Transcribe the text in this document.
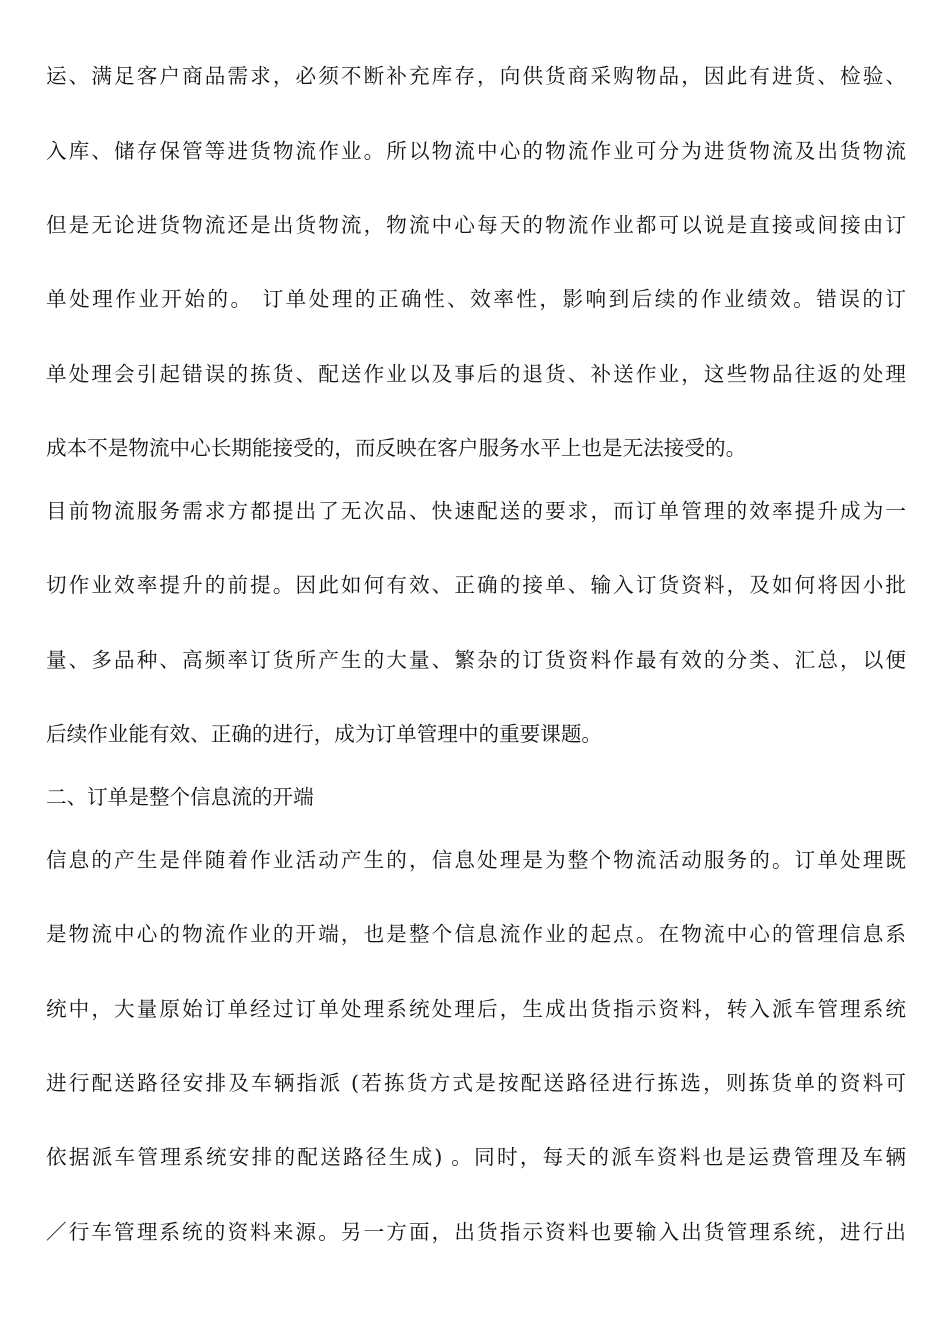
运、满足客户商品需求，必须不断补充库存，向供货商采购物品，因此有进货、检验、
入库、储存保管等进货物流作业。所以物流中心的物流作业可分为进货物流及出货物流
但是无论进货物流还是出货物流，物流中心每天的物流作业都可以说是直接或间接由订
单处理作业开始的。 订单处理的正确性、效率性，影响到后续的作业绩效。错误的订
单处理会引起错误的拣货、配送作业以及事后的退货、补送作业，这些物品往返的处理
成本不是物流中心长期能接受的，而反映在客户服务水平上也是无法接受的。
目前物流服务需求方都提出了无次品、快速配送的要求，而订单管理的效率提升成为一
切作业效率提升的前提。因此如何有效、正确的接单、输入订货资料，及如何将因小批
量、多品种、高频率订货所产生的大量、繁杂的订货资料作最有效的分类、汇总，以便
后续作业能有效、正确的进行，成为订单管理中的重要课题。
二、订单是整个信息流的开端
信息的产生是伴随着作业活动产生的，信息处理是为整个物流活动服务的。订单处理既
是物流中心的物流作业的开端，也是整个信息流作业的起点。在物流中心的管理信息系
统中，大量原始订单经过订单处理系统处理后，生成出货指示资料，转入派车管理系统
进行配送路径安排及车辆指派 (若拣货方式是按配送路径进行拣选，则拣货单的资料可
依据派车管理系统安排的配送路径生成) 。同时，每天的派车资料也是运费管理及车辆
／行车管理系统的资料来源。另一方面，出货指示资料也要输入出货管理系统，进行出
